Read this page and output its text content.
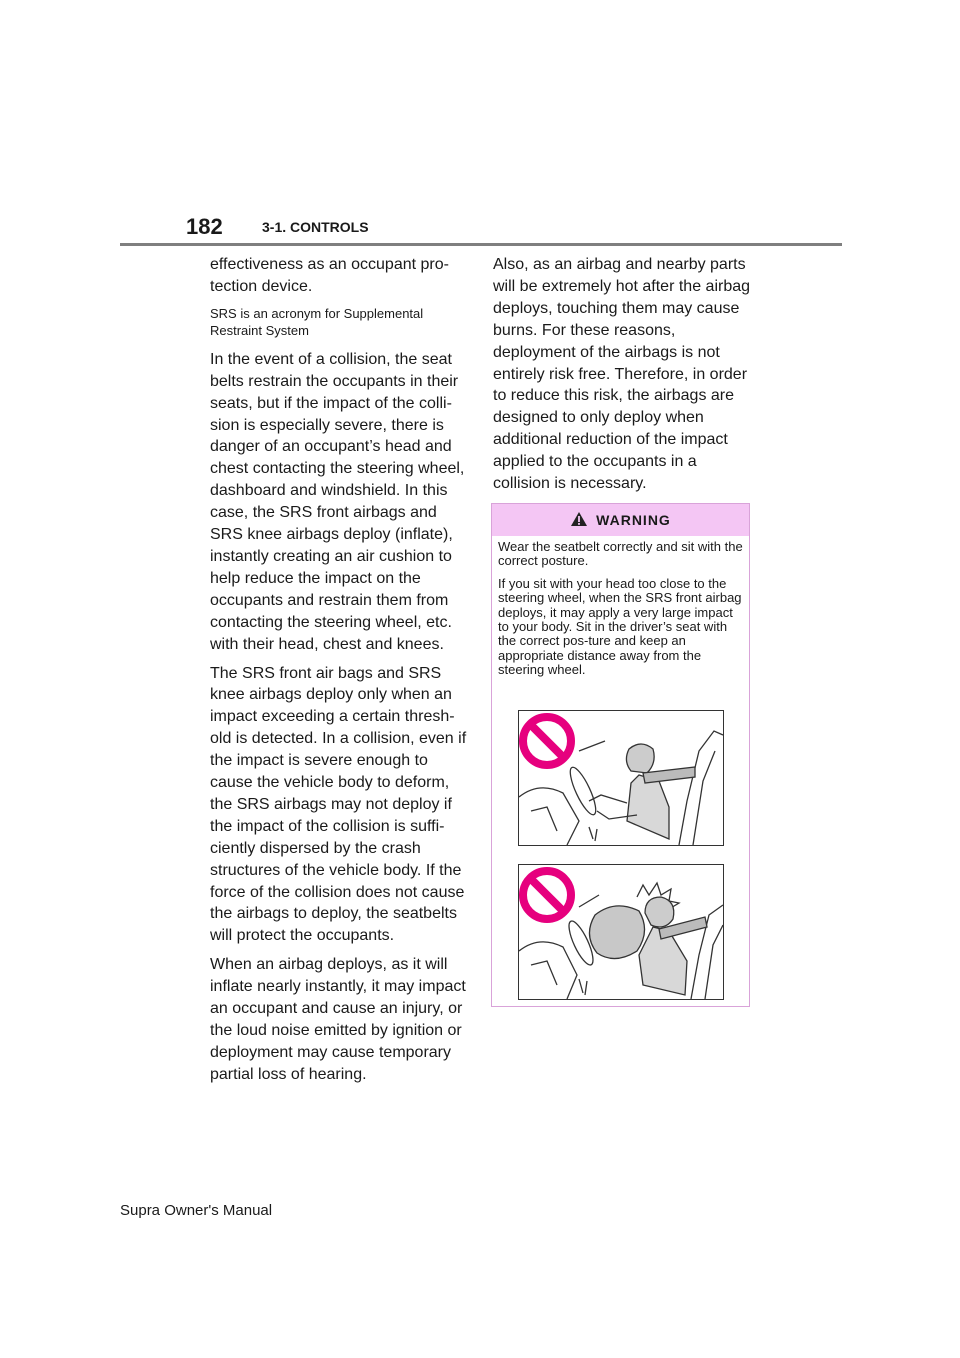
182	3-1. CONTROLS

effectiveness as an occupant pro-tection device.

SRS is an acronym for Supplemental Restraint System

In the event of a collision, the seat belts restrain the occupants in their seats, but if the impact of the colli-sion is especially severe, there is danger of an occupant’s head and chest contacting the steering wheel, dashboard and windshield. In this case, the SRS front airbags and SRS knee airbags deploy (inflate), instantly creating an air cushion to help reduce the impact on the occupants and restrain them from contacting the steering wheel, etc. with their head, chest and knees.

The SRS front air bags and SRS knee airbags deploy only when an impact exceeding a certain thresh-old is detected. In a collision, even if the impact is severe enough to cause the vehicle body to deform, the SRS airbags may not deploy if the impact of the collision is suffi-ciently dispersed by the crash structures of the vehicle body. If the force of the collision does not cause the airbags to deploy, the seatbelts will protect the occupants.

When an airbag deploys, as it will inflate nearly instantly, it may impact an occupant and cause an injury, or the loud noise emitted by ignition or deployment may cause temporary partial loss of hearing.

Also, as an airbag and nearby parts will be extremely hot after the airbag deploys, touching them may cause burns. For these reasons, deployment of the airbags is not entirely risk free. Therefore, in order to reduce this risk, the airbags are designed to only deploy when additional reduction of the impact applied to the occupants in a collision is necessary.

WARNING

Wear the seatbelt correctly and sit with the correct posture.

If you sit with your head too close to the steering wheel, when the SRS front airbag deploys, it may apply a very large impact to your body. Sit in the driver’s seat with the correct pos-ture and keep an appropriate distance away from the steering wheel.

Supra Owner's Manual
